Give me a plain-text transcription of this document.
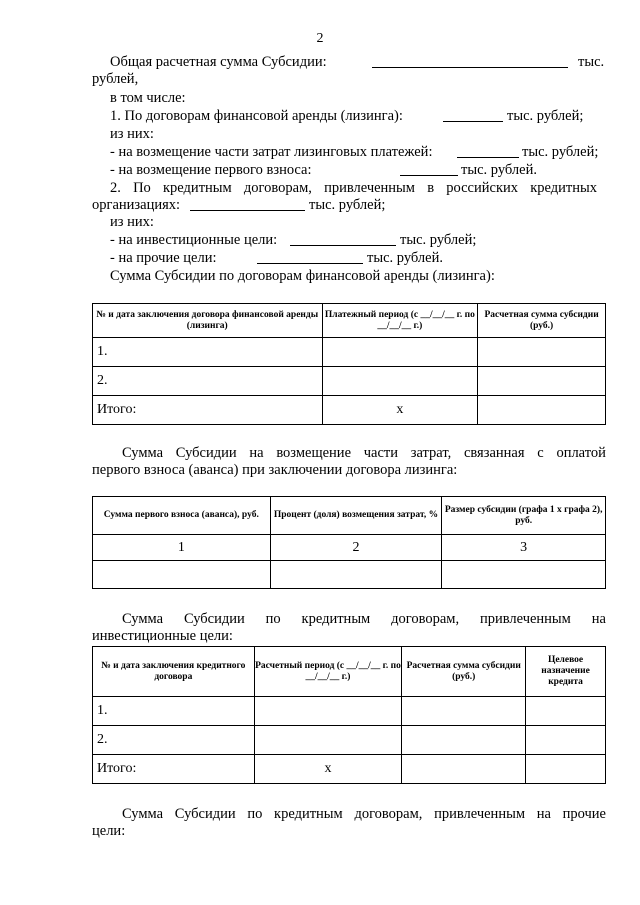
2
Общая расчетная сумма Субсидии:	тыс.
рублей,
в том числе:
1. По договорам финансовой аренды (лизинга):	тыс. рублей;
из них:
- на возмещение части затрат лизинговых платежей:	тыс. рублей;
- на возмещение первого взноса:	тыс. рублей.
2. По кредитным договорам, привлеченным в российских кредитных
организациях:	тыс. рублей;
из них:
- на инвестиционные цели:	тыс. рублей;
- на прочие цели:	тыс. рублей.
Сумма Субсидии по договорам финансовой аренды (лизинга):
№ и дата заключения договора финансовой аренды (лизинга)	Платежный период (с __/__/__ г. по __/__/__ г.)	Расчетная сумма субсидии (руб.)
1.		
2.		
Итого:	x	
Сумма Субсидии на возмещение части затрат, связанная с оплатой
первого взноса (аванса) при заключении договора лизинга:
Сумма первого взноса (аванса), руб.	Процент (доля) возмещения затрат, %	Размер субсидии (графа 1 х графа 2), руб.
1	2	3

Сумма Субсидии по кредитным договорам, привлеченным на
инвестиционные цели:
№ и дата заключения кредитного договора	Расчетный период (с __/__/__ г. по __/__/__ г.)	Расчетная сумма субсидии (руб.)	Целевое назначение кредита
1.			
2.			
Итого:	x		
Сумма Субсидии по кредитным договорам, привлеченным на прочие
цели:
